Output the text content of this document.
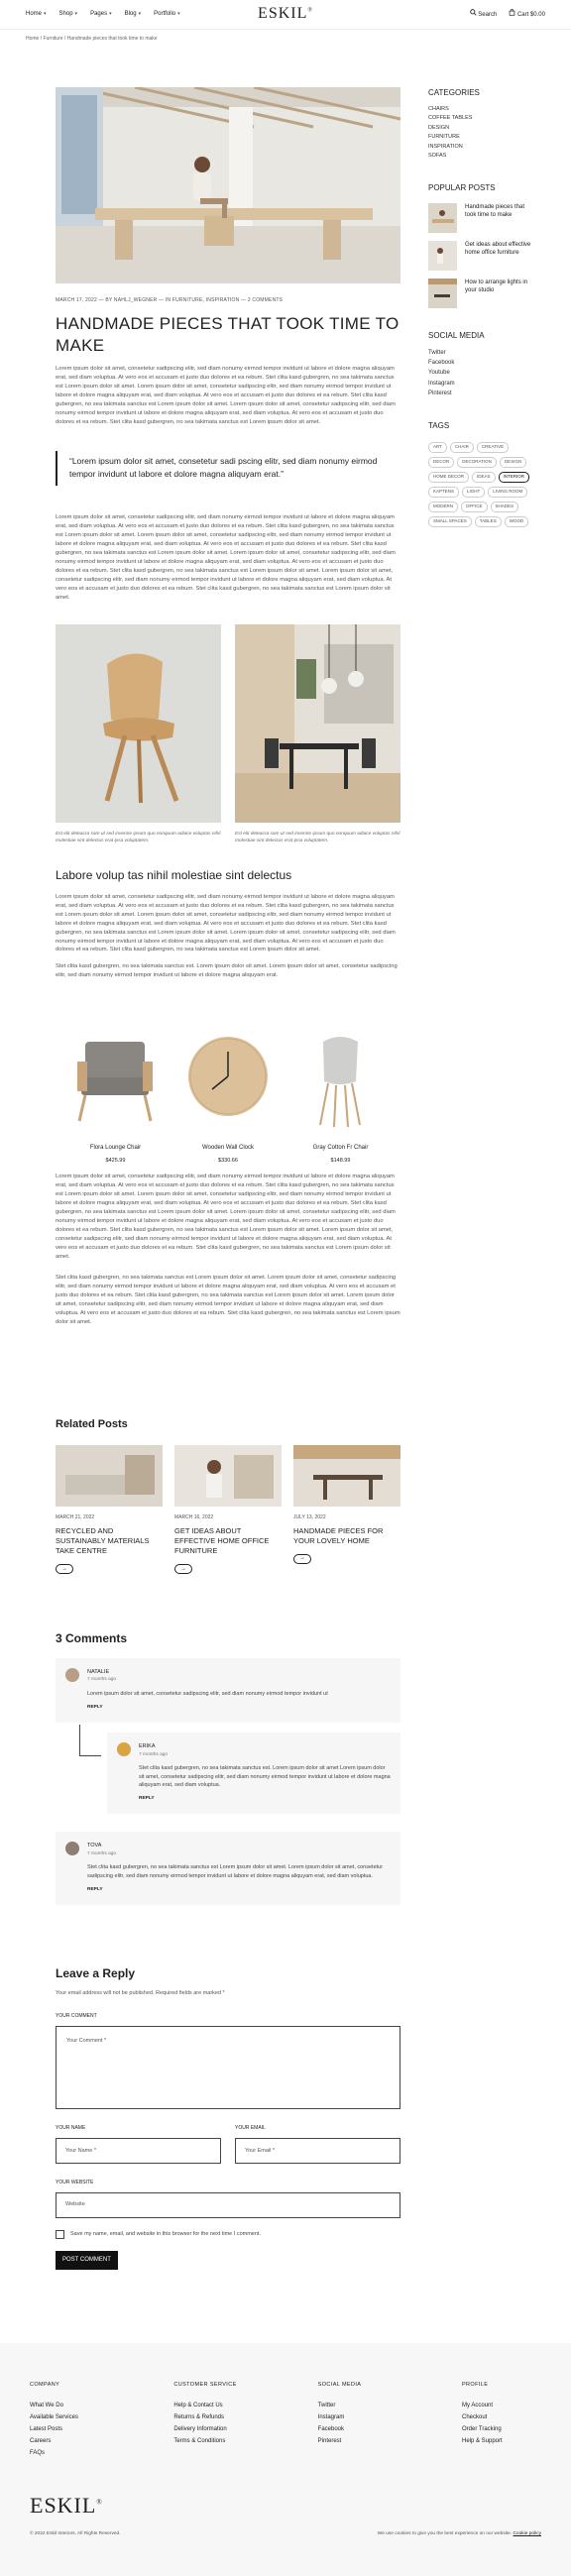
Home ▾ Shop ▾ Pages ▾ Blog ▾ Portfolio ▾	ESKIL®
Search	Cart $0.00
Home / Furniture / Handmade pieces that took time to make
MARCH 17, 2022 — BY NAHLJ_WEGNER — IN FURNITURE, INSPIRATION — 2 COMMENTS
HANDMADE PIECES THAT TOOK TIME TO MAKE

Lorem ipsum dolor sit amet, consetetur sadipscing elitr, sed diam nonumy eirmod tempor invidunt ut labore et dolore magna aliquyam erat, sed diam voluptua. At vero eos et accusam et justo duo dolores et ea rebum. Stet clita kasd gubergren, no sea takimata sanctus est Lorem ipsum dolor sit amet. Lorem ipsum dolor sit amet, consetetur sadipscing elitr, sed diam nonumy eirmod tempor invidunt ut labore et dolore magna aliquyam erat, sed diam voluptua. At vero eos et accusam et justo duo dolores et ea rebum. Stet clita kasd gubergren, no sea takimata sanctus est Lorem ipsum dolor sit amet. Lorem ipsum dolor sit amet, consetetur sadipscing elitr, sed diam nonumy eirmod tempor invidunt ut labore et dolore magna aliquyam erat, sed diam voluptua. At vero eos et accusam et justo duo dolores et ea rebum. Stet clita kasd gubergren, no sea takimata sanctus est Lorem ipsum dolor sit amet.

“Lorem ipsum dolor sit amet, consetetur sadi pscing elitr, sed diam nonumy eirmod tempor invidunt ut labore et dolore magna aliquyam erat.”

Lorem ipsum dolor sit amet, consetetur sadipscing elitr, sed diam nonumy eirmod tempor invidunt ut labore et dolore magna aliquyam erat, sed diam voluptua. At vero eos et accusam et justo duo dolores et ea rebum. Stet clita kasd gubergren, no sea takimata sanctus est Lorem ipsum dolor sit amet. Lorem ipsum dolor sit amet, consetetur sadipscing elitr, sed diam nonumy eirmod tempor invidunt ut labore et dolore magna aliquyam erat, sed diam voluptua. At vero eos et accusam et justo duo dolores et ea rebum. Stet clita kasd gubergren, no sea takimata sanctus est Lorem ipsum dolor sit amet. Lorem ipsum dolor sit amet, consetetur sadipscing elitr, sed diam nonumy eirmod tempor invidunt ut labore et dolore magna aliquyam erat, sed diam voluptua. At vero eos et accusam et justo duo dolores et ea rebum. Stet clita kasd gubergren, no sea takimata sanctus est Lorem ipsum dolor sit amet. Lorem ipsum dolor sit amet, consetetur sadipscing elitr, sed diam nonumy eirmod tempor invidunt ut labore et dolore magna aliquyam erat, sed diam voluptua. At vero eos et accusam et justo duo dolores et ea rebum. Stet clita kasd gubergren, no sea takimata sanctus est Lorem ipsum dolor sit amet.

Est elit deleacra sam ut sed invenire ipsum quo nonquum adiace voluptas nihil molestiae sint delectus erat ipsa voluptatem.

Est elit deleacra sam ut sed invenire ipsum quo nonquum adiace voluptas nihil molestiae sint delectus erat ipsa voluptatem.

Labore volup tas nihil molestiae sint delectus

Lorem ipsum dolor sit amet, consetetur sadipscing elitr, sed diam nonumy eirmod tempor invidunt ut labore et dolore magna aliquyam erat, sed diam voluptua. At vero eos et accusam et justo duo dolores et ea rebum. Stet clita kasd gubergren, no sea takimata sanctus est Lorem ipsum dolor sit amet. Lorem ipsum dolor sit amet, consetetur sadipscing elitr, sed diam nonumy eirmod tempor invidunt ut labore et dolore magna aliquyam erat, sed diam voluptua. At vero eos et accusam et justo duo dolores et ea rebum. Stet clita kasd gubergren, no sea takimata sanctus est Lorem ipsum dolor sit amet. Lorem ipsum dolor sit amet, consetetur sadipscing elitr, sed diam nonumy eirmod tempor invidunt ut labore et dolore magna aliquyam erat, sed diam voluptua. At vero eos et accusam et justo duo dolores et ea rebum. Stet clita kasd gubergren, no sea takimata sanctus est Lorem ipsum dolor sit amet.

Stet clita kasd gubergren, no sea takimata sanctus est. Lorem ipsum dolor sit amet. Lorem ipsum dolor sit amet, consetetur sadipscing elitr, sed diam nonumy eirmod tempor invidunt ut labore et dolore magna aliquyam erat.

Flora Lounge Chair
$425.99
Wooden Wall Clock
$330.66
Gray Cotton Fr Chair
$148.99

Lorem ipsum dolor sit amet, consetetur sadipscing elitr, sed diam nonumy eirmod tempor invidunt ut labore et dolore magna aliquyam erat, sed diam voluptua. At vero eos et accusam et justo duo dolores et ea rebum. Stet clita kasd gubergren, no sea takimata sanctus est Lorem ipsum dolor sit amet. Lorem ipsum dolor sit amet, consetetur sadipscing elitr, sed diam nonumy eirmod tempor invidunt ut labore et dolore magna aliquyam erat, sed diam voluptua. At vero eos et accusam et justo duo dolores et ea rebum. Stet clita kasd gubergren, no sea takimata sanctus est Lorem ipsum dolor sit amet. Lorem ipsum dolor sit amet, consetetur sadipscing elitr, sed diam nonumy eirmod tempor invidunt ut labore et dolore magna aliquyam erat, sed diam voluptua. At vero eos et accusam et justo duo dolores et ea rebum. Stet clita kasd gubergren, no sea takimata sanctus est Lorem ipsum dolor sit amet. Lorem ipsum dolor sit amet, consetetur sadipscing elitr, sed diam nonumy eirmod tempor invidunt ut labore et dolore magna aliquyam erat, sed diam voluptua. At vero eos et accusam et justo duo dolores et ea rebum. Stet clita kasd gubergren, no sea takimata sanctus est Lorem ipsum dolor sit amet.

Stet clita kasd gubergren, no sea takimata sanctus est Lorem ipsum dolor sit amet. Lorem ipsum dolor sit amet, consetetur sadipscing elitr, sed diam nonumy eirmod tempor invidunt ut labore et dolore magna aliquyam erat, sed diam voluptua. At vero eos et accusam et justo duo dolores et ea rebum. Stet clita kasd gubergren, no sea takimata sanctus est Lorem ipsum dolor sit amet. Lorem ipsum dolor sit amet, consetetur sadipscing elitr, sed diam nonumy eirmod tempor invidunt ut labore et dolore magna aliquyam erat, sed diam voluptua. At vero eos et accusam et justo duo dolores et ea rebum. Stet clita kasd gubergren, no sea takimata sanctus est Lorem ipsum dolor sit amet.

Related Posts
MARCH 21, 2022
RECYCLED AND SUSTAINABLY MATERIALS TAKE CENTRE
→
MARCH 16, 2022
GET IDEAS ABOUT EFFECTIVE HOME OFFICE FURNITURE
→
JULY 13, 2022
HANDMADE PIECES FOR YOUR LOVELY HOME
→
3 Comments
NATALIE
7 months ago
Lorem ipsum dolor sit amet, consetetur sadipscing elitr, sed diam nonumy eirmod tempor invidunt ut
REPLY
ERIKA
7 months ago
Stet clita kasd gubergren, no sea takimata sanctus est. Lorem ipsum dolor sit amet Lorem ipsum dolor sit amet, consetetur sadipscing elitr, sed diam nonumy eirmod tempor invidunt ut labore et dolore magna aliquyam erat, sed diam voluptua.
REPLY
TOVA
7 months ago
Stet clita kasd gubergren, no sea takimata sanctus est Lorem ipsum dolor sit amet. Lorem ipsum dolor sit amet, consetetur sadipscing elitr, sed diam nonumy eirmod tempor invidunt ut labore et dolore magna aliquyam erat, sed diam voluptua.
REPLY
Leave a Reply
Your email address will not be published. Required fields are marked *
YOUR COMMENT
Your Comment *
YOUR NAME
Your Name *
YOUR EMAIL
Your Email *
YOUR WEBSITE
Website
Save my name, email, and website in this browser for the next time I comment.
POST COMMENT
CATEGORIES
CHAIRS
COFFEE TABLES
DESIGN
FURNITURE
INSPIRATION
SOFAS
POPULAR POSTS
Handmade pieces that took time to make
Get ideas about effective home office furniture
How to arrange lights in your studio
SOCIAL MEDIA
Twitter
Facebook
Youtube
Instagram
Pinterest
TAGS
ART	CHAIR	CREATIVE
DECOR	DECORATION	DESIGN
HOME DECOR	IDEAS	INTERIOR
KAPTENS	LIGHT	LIVING ROOM
MODERN	OFFICE	SHADES
SMALL SPACES	TABLES	WOOD
COMPANY
What We Do
Available Services
Latest Posts
Careers
FAQs
CUSTOMER SERVICE
Help & Contact Us
Returns & Refunds
Delivery Information
Terms & Conditions
SOCIAL MEDIA
Twitter
Instagram
Facebook
Pinterest
PROFILE
My Account
Checkout
Order Tracking
Help & Support
ESKIL®
© 2022 Eskil Interiors. All Rights Reserved.	We use cookies to give you the best experience on our website. Cookie policy
